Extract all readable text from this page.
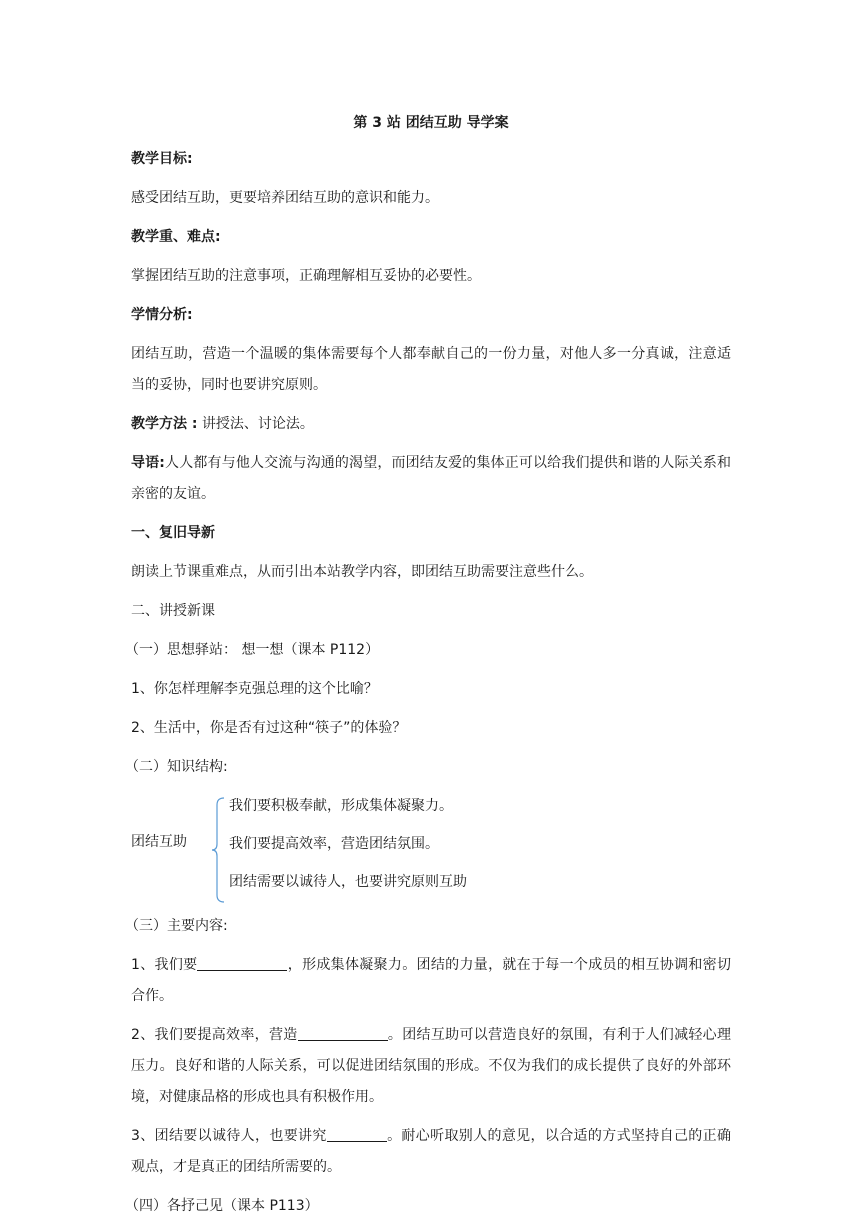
第 3 站 团结互助 导学案
教学目标:
感受团结互助，更要培养团结互助的意识和能力。
教学重、难点:
掌握团结互助的注意事项，正确理解相互妥协的必要性。
学情分析:
团结互助，营造一个温暖的集体需要每个人都奉献自己的一份力量，对他人多一分真诚，注意适当的妥协，同时也要讲究原则。
教学方法 : 讲授法、讨论法。
导语:人人都有与他人交流与沟通的渴望，而团结友爱的集体正可以给我们提供和谐的人际关系和亲密的友谊。
一、复旧导新
朗读上节课重难点，从而引出本站教学内容，即团结互助需要注意些什么。
二、讲授新课
（一）思想驿站： 想一想（课本 P112）
1、你怎样理解李克强总理的这个比喻？
2、生活中，你是否有过这种“筷子”的体验？
（二）知识结构:
团结互助
我们要积极奉献，形成集体凝聚力。
我们要提高效率，营造团结氛围。
团结需要以诚待人，也要讲究原则互助
（三）主要内容:
1、我们要	，形成集体凝聚力。团结的力量，就在于每一个成员的相互协调和密切合作。
2、我们要提高效率，营造	。团结互助可以营造良好的氛围，有利于人们减轻心理压力。良好和谐的人际关系，可以促进团结氛围的形成。不仅为我们的成长提供了良好的外部环境，对健康品格的形成也具有积极作用。
3、团结要以诚待人，也要讲究	。耐心听取别人的意见，以合适的方式坚持自己的正确观点，才是真正的团结所需要的。
（四）各抒己见（课本 P113）
